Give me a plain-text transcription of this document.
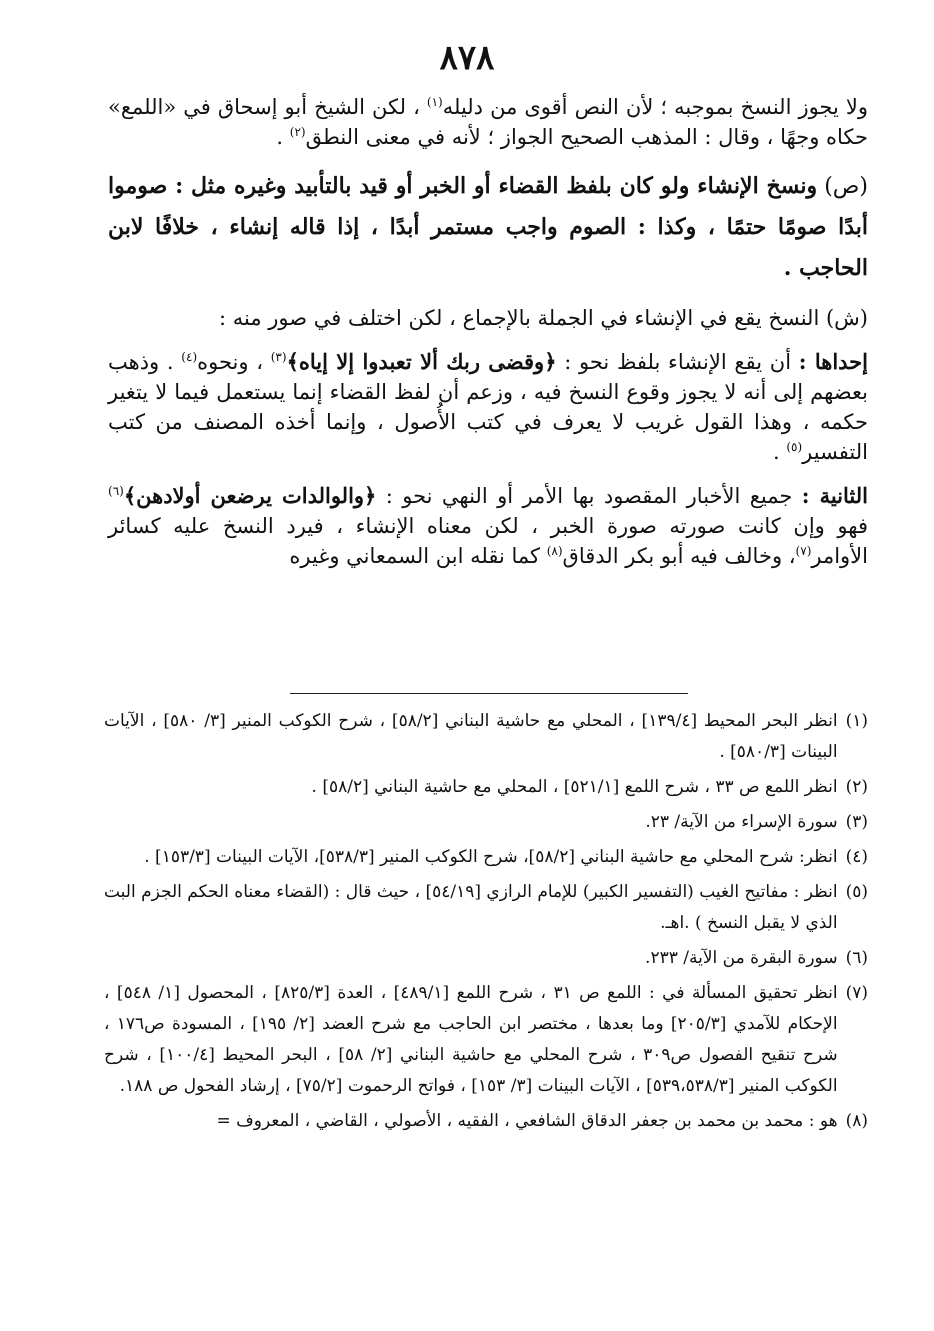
٨٧٨

ولا يجوز النسخ بموجبه ؛ لأن النص أقوى من دليله$^{(١)}$ ، لكن الشيخ أبو إسحاق في «اللمع» حكاه وجهًا ، وقال : المذهب الصحيح الجواز ؛ لأنه في معنى النطق$^{(٢)}$ .

(ص) ونسخ الإنشاء ولو كان بلفظ القضاء أو الخبر أو قيد بالتأبيد وغيره مثل : صوموا أبدًا صومًا حتمًا ، وكذا : الصوم واجب مستمر أبدًا ، إذا قاله إنشاء ، خلافًا لابن الحاجب .

(ش) النسخ يقع في الإنشاء في الجملة بالإجماع ، لكن اختلف في صور منه :

إحداها : أن يقع الإنشاء بلفظ نحو : ﴿وقضى ربك ألا تعبدوا إلا إياه﴾$^{(٣)}$ ، ونحوه$^{(٤)}$ . وذهب بعضهم إلى أنه لا يجوز وقوع النسخ فيه ، وزعم أن لفظ القضاء إنما يستعمل فيما لا يتغير حكمه ، وهذا القول غريب لا يعرف في كتب الأُصول ، وإنما أخذه المصنف من كتب التفسير$^{(٥)}$ .

الثانية : جميع الأخبار المقصود بها الأمر أو النهي نحو : ﴿والوالدات يرضعن أولادهن﴾$^{(٦)}$ فهو وإن كانت صورته صورة الخبر ، لكن معناه الإنشاء ، فيرد النسخ عليه كسائر الأوامر$^{(٧)}$، وخالف فيه أبو بكر الدقاق$^{(٨)}$ كما نقله ابن السمعاني وغيره

(١)
انظر البحر المحيط [١٣٩/٤] ، المحلي مع حاشية البناني [٥٨/٢] ، شرح الكوكب المنير [٣/ ٥٨٠] ، الآيات البينات [٥٨٠/٣] .
(٢)
انظر اللمع ص ٣٣ ، شرح اللمع [٥٢١/١] ، المحلي مع حاشية البناني [٥٨/٢] .
(٣)
سورة الإسراء من الآية/ ٢٣.
(٤)
انظر: شرح المحلي مع حاشية البناني [٥٨/٢]، شرح الكوكب المنير [٥٣٨/٣]، الآيات البينات [١٥٣/٣] .
(٥)
انظر : مفاتيح الغيب (التفسير الكبير) للإمام الرازي [٥٤/١٩] ، حيث قال : (القضاء معناه الحكم الجزم البت الذي لا يقبل النسخ ) .اهـ.
(٦)
سورة البقرة من الآية/ ٢٣٣.
(٧)
انظر تحقيق المسألة في : اللمع ص ٣١ ، شرح اللمع [٤٨٩/١] ، العدة [٨٢٥/٣] ، المحصول [١/ ٥٤٨] ، الإحكام للآمدي [٢٠٥/٣] وما بعدها ، مختصر ابن الحاجب مع شرح العضد [٢/ ١٩٥] ، المسودة ص١٧٦ ، شرح تنقيح الفصول ص٣٠٩ ، شرح المحلي مع حاشية البناني [٢/ ٥٨] ، البحر المحيط [١٠٠/٤] ، شرح الكوكب المنير [٥٣٩،٥٣٨/٣] ، الآيات البينات [٣/ ١٥٣] ، فواتح الرحموت [٧٥/٢] ، إرشاد الفحول ص ١٨٨.
(٨)
هو : محمد بن محمد بن جعفر الدقاق الشافعي ، الفقيه ، الأصولي ، القاضي ، المعروف =
